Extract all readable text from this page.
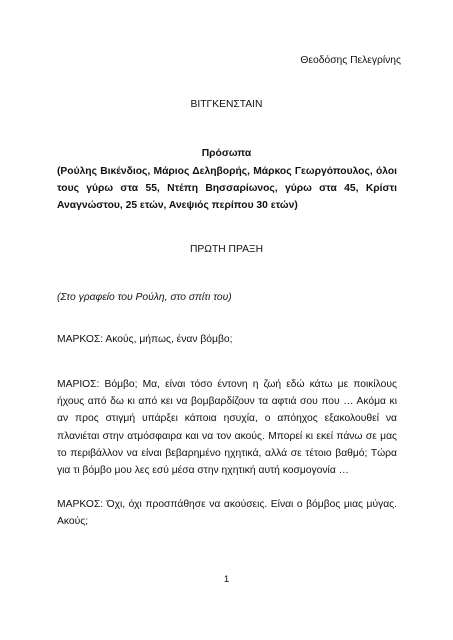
Θεοδόσης Πελεγρίνης

ΒΙΤΓΚΕΝΣΤΑΙΝ

Πρόσωπα

(Ρούλης Βικένδιος, Μάριος Δεληβορής, Μάρκος Γεωργόπουλος, όλοι τους γύρω στα 55, Ντέπη Βησσαρίωνος, γύρω στα 45, Κρίστι Αναγνώστου, 25 ετών, Ανεψιός περίπου 30 ετών)

ΠΡΩΤΗ ΠΡΑΞΗ

(Στο γραφείο του Ρούλη, στο σπίτι του)

ΜΑΡΚΟΣ: Ακούς, μήπως, έναν βόμβο;

ΜΑΡΙΟΣ: Βόμβο; Μα, είναι τόσο έντονη η ζωή εδώ κάτω με ποικίλους ήχους από δω κι από κει να βομβαρδίζουν τα αφτιά σου που … Ακόμα κι αν προς στιγμή υπάρξει κάποια ησυχία, ο απόηχος εξακολουθεί να πλανιέται στην ατμόσφαιρα και να τον ακούς. Μπορεί κι εκεί πάνω σε μας το περιβάλλον να είναι βεβαρημένο ηχητικά, αλλά σε τέτοιο βαθμό; Τώρα για τι βόμβο μου λες εσύ μέσα στην ηχητική αυτή κοσμογονία …

ΜΑΡΚΟΣ: Όχι, όχι προσπάθησε να ακούσεις. Είναι ο βόμβος μιας μύγας. Ακούς;

1
